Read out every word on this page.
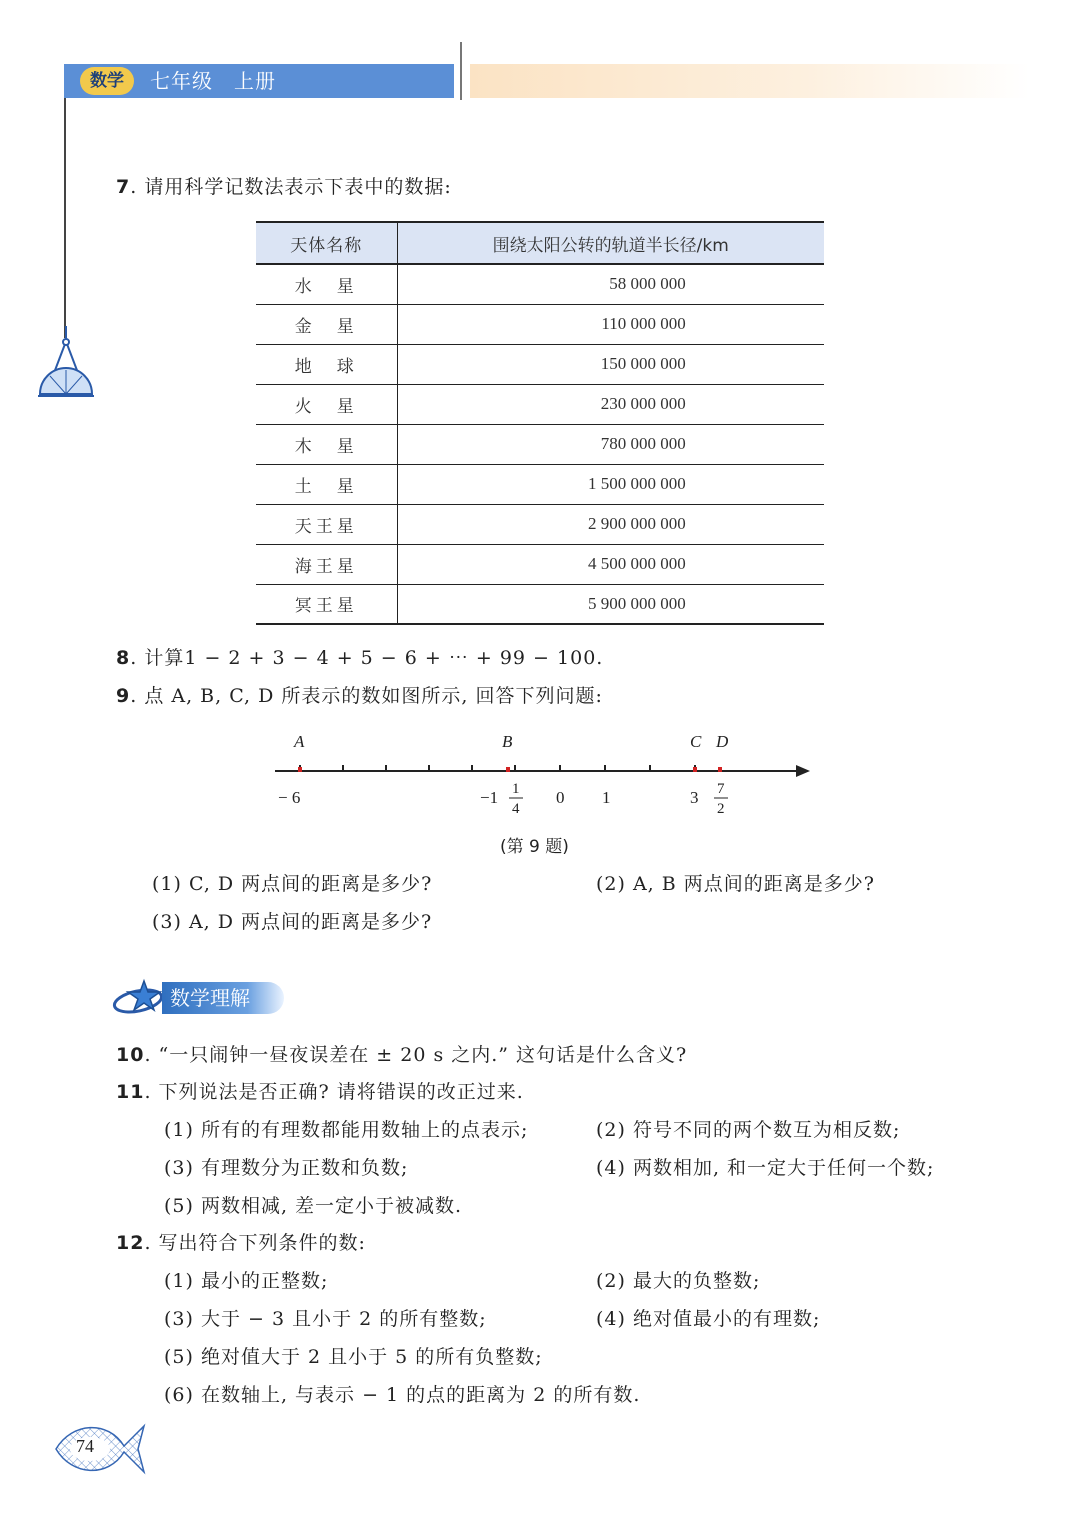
数学	七年级　上册
7. 请用科学记数法表示下表中的数据:
天体名称	围绕太阳公转的轨道半长径/km
水　星	58 000 000
金　星	110 000 000
地　球	150 000 000
火　星	230 000 000
木　星	780 000 000
土　星	1 500 000 000
天王星	2 900 000 000
海王星	4 500 000 000
冥王星	5 900 000 000
8. 计算1 − 2 + 3 − 4 + 5 − 6 + ⋯ + 99 − 100.
9. 点 A, B, C, D 所表示的数如图所示, 回答下列问题:
A	B	C D
− 6	−1 1
4
0 1	3 7
2
(第 9 题)
(1) C, D 两点间的距离是多少?	(2) A, B 两点间的距离是多少?
(3) A, D 两点间的距离是多少?
数学理解
10. “一只闹钟一昼夜误差在 ± 20 s 之内.” 这句话是什么含义?
11. 下列说法是否正确? 请将错误的改正过来.
(1) 所有的有理数都能用数轴上的点表示;	(2) 符号不同的两个数互为相反数;
(3) 有理数分为正数和负数;	(4) 两数相加, 和一定大于任何一个数;
(5) 两数相减, 差一定小于被减数.
12. 写出符合下列条件的数:
(1) 最小的正整数;	(2) 最大的负整数;
(3) 大于 − 3 且小于 2 的所有整数;	(4) 绝对值最小的有理数;
(5) 绝对值大于 2 且小于 5 的所有负整数;
(6) 在数轴上, 与表示 − 1 的点的距离为 2 的所有数.
74
